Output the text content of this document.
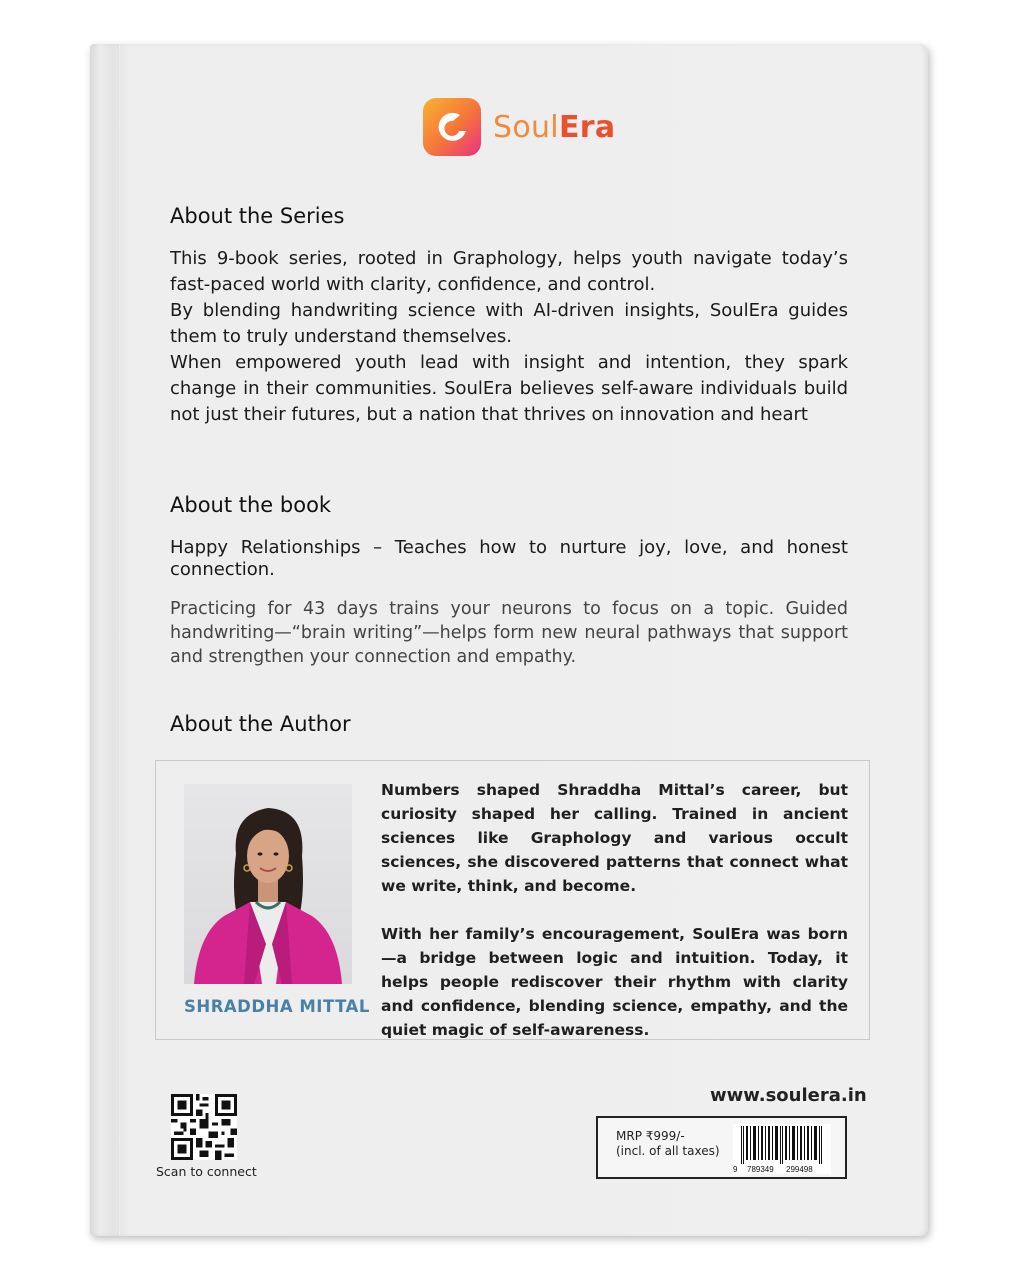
SoulEra
About the Series

This 9-book series, rooted in Graphology, helps youth navigate today’s fast-paced world with clarity, confidence, and control.

By blending handwriting science with AI-driven insights, SoulEra guides them to truly understand themselves.

When empowered youth lead with insight and intention, they spark change in their communities. SoulEra believes self-aware individuals build not just their futures, but a nation that thrives on innovation and heart

About the book

Happy Relationships – Teaches how to nurture joy, love, and honest connection.

Practicing for 43 days trains your neurons to focus on a topic. Guided handwriting—“brain writing”—helps form new neural pathways that support and strengthen your connection and empathy.

About the Author
SHRADDHA MITTAL

Numbers shaped Shraddha Mittal’s career, but curiosity shaped her calling. Trained in ancient sciences like Graphology and various occult sciences, she discovered patterns that connect what we write, think, and become.

With her family’s encouragement, SoulEra was born—a bridge between logic and intuition. Today, it helps people rediscover their rhythm with clarity and confidence, blending science, empathy, and the quiet magic of self-awareness.

Scan to connect
www.soulera.in
MRP ₹999/-
(incl. of all taxes)
9 789349 299498
